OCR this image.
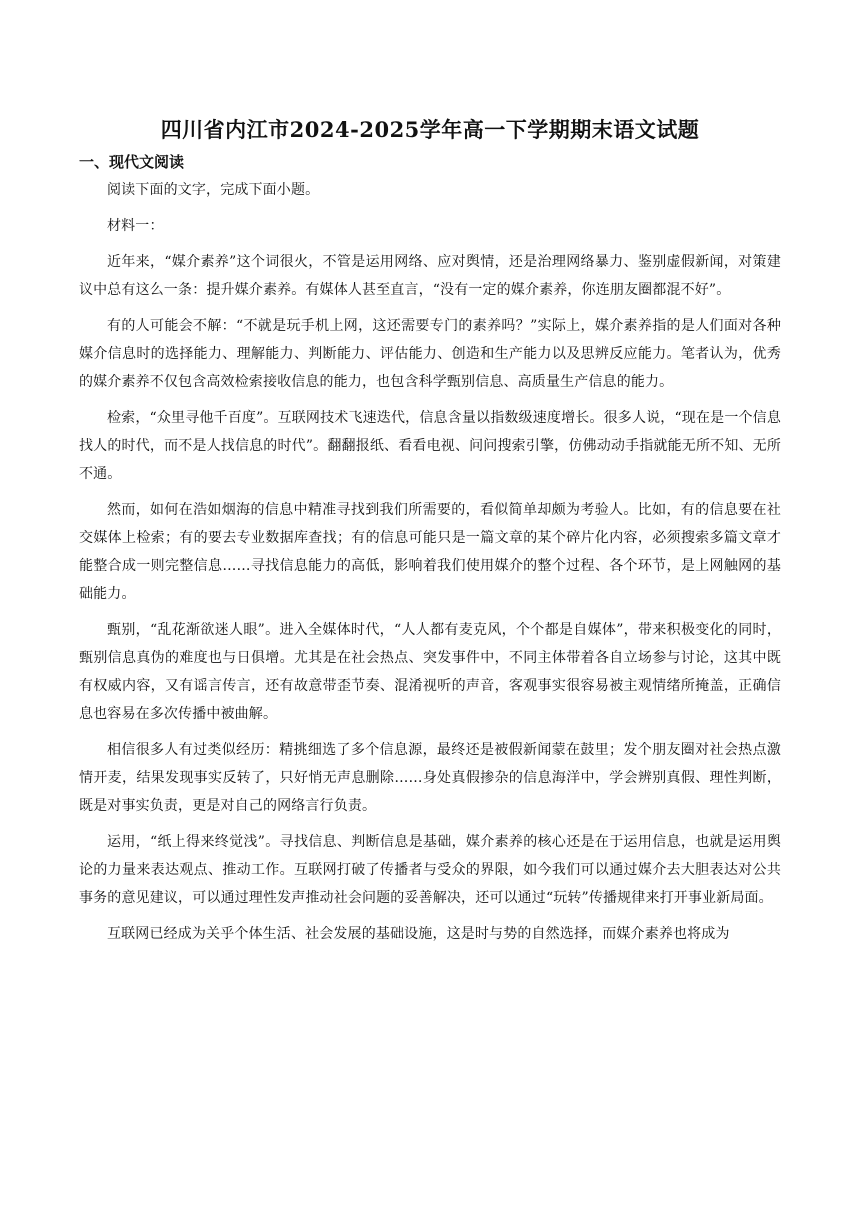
四川省内江市2024-2025学年高一下学期期末语文试题
一、现代文阅读

阅读下面的文字，完成下面小题。

材料一：

近年来，“媒介素养”这个词很火，不管是运用网络、应对舆情，还是治理网络暴力、鉴别虚假新闻，对策建议中总有这么一条：提升媒介素养。有媒体人甚至直言，“没有一定的媒介素养，你连朋友圈都混不好”。

有的人可能会不解：“不就是玩手机上网，这还需要专门的素养吗？”实际上，媒介素养指的是人们面对各种媒介信息时的选择能力、理解能力、判断能力、评估能力、创造和生产能力以及思辨反应能力。笔者认为，优秀的媒介素养不仅包含高效检索接收信息的能力，也包含科学甄别信息、高质量生产信息的能力。

检索，“众里寻他千百度”。互联网技术飞速迭代，信息含量以指数级速度增长。很多人说，“现在是一个信息找人的时代，而不是人找信息的时代”。翻翻报纸、看看电视、问问搜索引擎，仿佛动动手指就能无所不知、无所不通。

然而，如何在浩如烟海的信息中精准寻找到我们所需要的，看似简单却颇为考验人。比如，有的信息要在社交媒体上检索；有的要去专业数据库查找；有的信息可能只是一篇文章的某个碎片化内容，必须搜索多篇文章才能整合成一则完整信息……寻找信息能力的高低，影响着我们使用媒介的整个过程、各个环节，是上网触网的基础能力。

甄别，“乱花渐欲迷人眼”。进入全媒体时代，“人人都有麦克风，个个都是自媒体”，带来积极变化的同时，甄别信息真伪的难度也与日俱增。尤其是在社会热点、突发事件中，不同主体带着各自立场参与讨论，这其中既有权威内容，又有谣言传言，还有故意带歪节奏、混淆视听的声音，客观事实很容易被主观情绪所掩盖，正确信息也容易在多次传播中被曲解。

相信很多人有过类似经历：精挑细选了多个信息源，最终还是被假新闻蒙在鼓里；发个朋友圈对社会热点激情开麦，结果发现事实反转了，只好悄无声息删除……身处真假掺杂的信息海洋中，学会辨别真假、理性判断，既是对事实负责，更是对自己的网络言行负责。

运用，“纸上得来终觉浅”。寻找信息、判断信息是基础，媒介素养的核心还是在于运用信息，也就是运用舆论的力量来表达观点、推动工作。互联网打破了传播者与受众的界限，如今我们可以通过媒介去大胆表达对公共事务的意见建议，可以通过理性发声推动社会问题的妥善解决，还可以通过“玩转”传播规律来打开事业新局面。

互联网已经成为关乎个体生活、社会发展的基础设施，这是时与势的自然选择，而媒介素养也将成为
